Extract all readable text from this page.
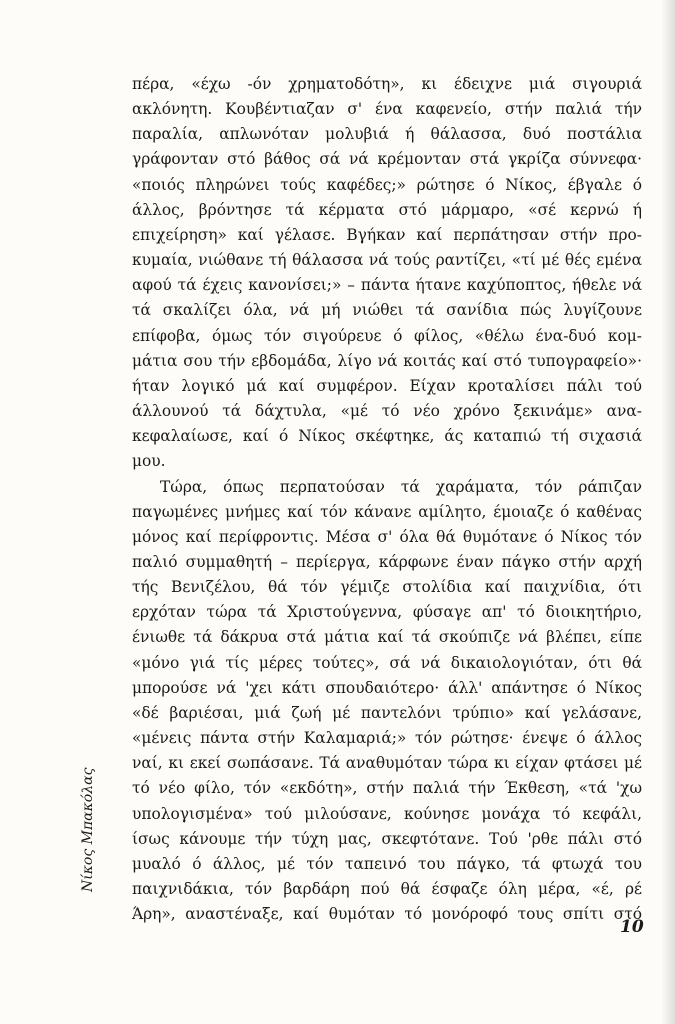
πέρα, «έχω -όν χρηματοδότη», κι έδειχνε μιά σιγουριά
ακλόνητη. Κουβέντιαζαν σ' ένα καφενείο, στήν παλιά τήν
παραλία, απλωνόταν μολυβιά ή θάλασσα, δυό ποστάλια
γράφονταν στό βάθος σά νά κρέμονταν στά γκρίζα σύννεφα·
«ποιός πληρώνει τούς καφέδες;» ρώτησε ό Νίκος, έβγαλε ό
άλλος, βρόντησε τά κέρματα στό μάρμαρο, «σέ κερνώ ή
επιχείρηση» καί γέλασε. Βγήκαν καί περπάτησαν στήν προ-
κυμαία, νιώθανε τή θάλασσα νά τούς ραντίζει, «τί μέ θές εμένα
αφού τά έχεις κανονίσει;» – πάντα ήτανε καχύποπτος, ήθελε νά
τά σκαλίζει όλα, νά μή νιώθει τά σανίδια πώς λυγίζουνε
επίφοβα, όμως τόν σιγούρευε ό φίλος, «θέλω ένα-δυό κομ-
μάτια σου τήν εβδομάδα, λίγο νά κοιτάς καί στό τυπογραφείο»·
ήταν λογικό μά καί συμφέρον. Είχαν κροταλίσει πάλι τού
άλλουνού τά δάχτυλα, «μέ τό νέο χρόνο ξεκινάμε» ανα-
κεφαλαίωσε, καί ό Νίκος σκέφτηκε, άς καταπιώ τή σιχασιά
μου.
Τώρα, όπως περπατούσαν τά χαράματα, τόν ράπιζαν
παγωμένες μνήμες καί τόν κάνανε αμίλητο, έμοιαζε ό καθένας
μόνος καί περίφροντις. Μέσα σ' όλα θά θυμότανε ό Νίκος τόν
παλιό συμμαθητή – περίεργα, κάρφωνε έναν πάγκο στήν αρχή
τής Βενιζέλου, θά τόν γέμιζε στολίδια καί παιχνίδια, ότι
ερχόταν τώρα τά Χριστούγεννα, φύσαγε απ' τό διοικητήριο,
ένιωθε τά δάκρυα στά μάτια καί τά σκούπιζε νά βλέπει, είπε
«μόνο γιά τίς μέρες τούτες», σά νά δικαιολογιόταν, ότι θά
μπορούσε νά 'χει κάτι σπουδαιότερο· άλλ' απάντησε ό Νίκος
«δέ βαριέσαι, μιά ζωή μέ παντελόνι τρύπιο» καί γελάσανε,
«μένεις πάντα στήν Καλαμαριά;» τόν ρώτησε· ένεψε ό άλλος
ναί, κι εκεί σωπάσανε. Τά αναθυμόταν τώρα κι είχαν φτάσει μέ
τό νέο φίλο, τόν «εκδότη», στήν παλιά τήν Έκθεση, «τά 'χω
υπολογισμένα» τού μιλούσανε, κούνησε μονάχα τό κεφάλι,
ίσως κάνουμε τήν τύχη μας, σκεφτότανε. Τού 'ρθε πάλι στό
μυαλό ό άλλος, μέ τόν ταπεινό του πάγκο, τά φτωχά του
παιχνιδάκια, τόν βαρδάρη πού θά έσφαζε όλη μέρα, «έ, ρέ
Άρη», αναστέναξε, καί θυμόταν τό μονόροφό τους σπίτι στό
Νίκος Μπακόλας
10
